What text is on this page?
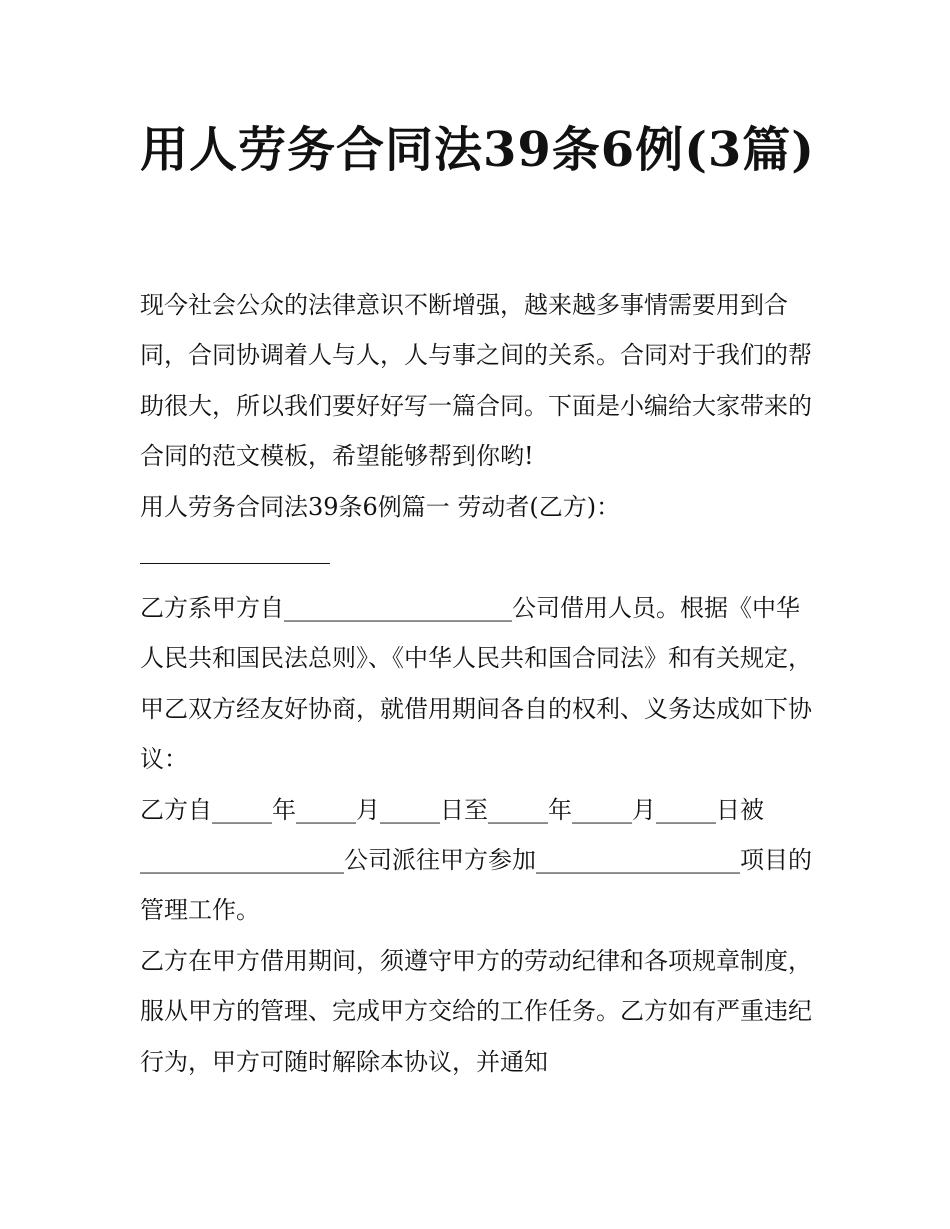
用人劳务合同法39条6例(3篇)

现今社会公众的法律意识不断增强，越来越多事情需要用到合同，合同协调着人与人，人与事之间的关系。合同对于我们的帮助很大，所以我们要好好写一篇合同。下面是小编给大家带来的合同的范文模板，希望能够帮到你哟!

用人劳务合同法39条6例篇一 劳动者(乙方)：

乙方系甲方自___________________公司借用人员。根据《中华人民共和国民法总则》、《中华人民共和国合同法》和有关规定，甲乙双方经友好协商，就借用期间各自的权利、义务达成如下协议：

乙方自_____年_____月_____日至_____年_____月_____日被_________________公司派往甲方参加_________________项目的管理工作。

乙方在甲方借用期间，须遵守甲方的劳动纪律和各项规章制度，服从甲方的管理、完成甲方交给的工作任务。乙方如有严重违纪行为，甲方可随时解除本协议，并通知
